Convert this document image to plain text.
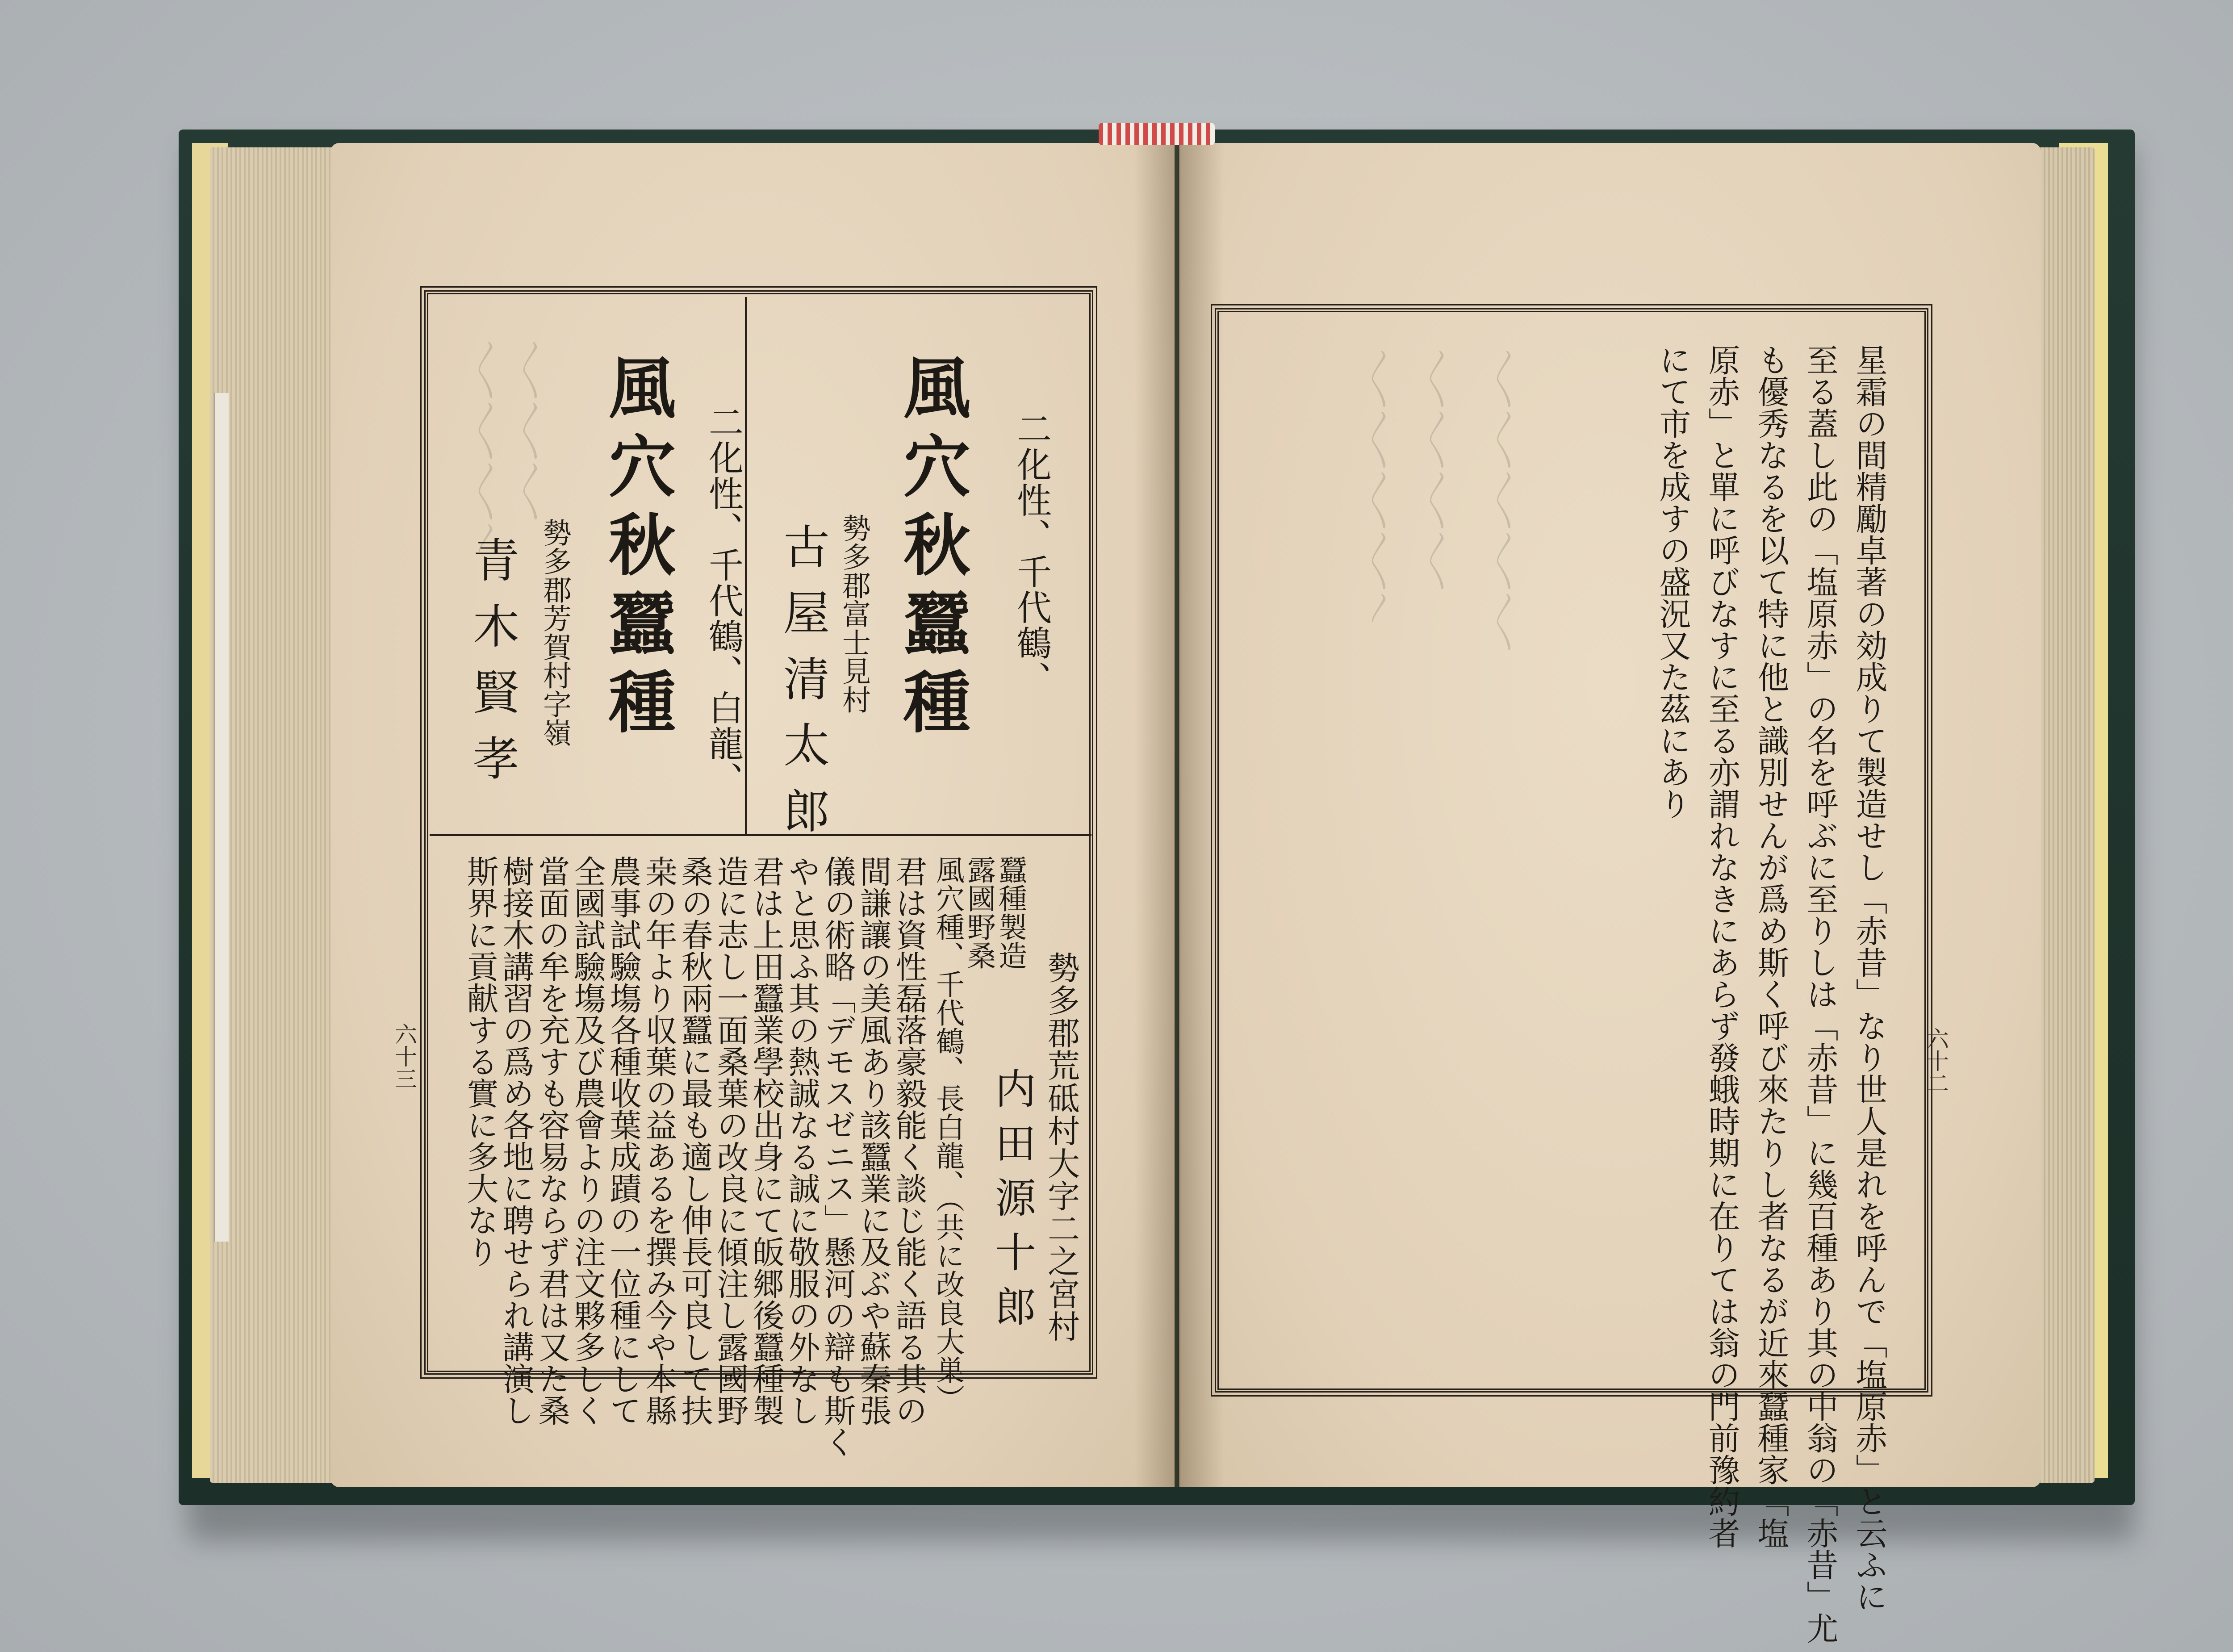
〳〵〳〵〳〵〳 〳〵〳〵〳〵	〳〵〳〵〳〵〳〵〳 〳〵〳〵〳〵〳〵 〳〵〳〵〳〵〳〵〳〵
風穴秋蠶種 二化性、千代鶴、
勢多郡富士見村
古屋清太郎
風穴秋蠶種 二化性、千代鶴、白龍、
勢多郡芳賀村字嶺
青木賢孝
勢多郡荒砥村大字二之宮村
内田源十郎
蠶種製造
露國野桑
風穴種、千代鶴、長白龍、（共に改良大巣）
君は資性磊落豪毅能く談じ能く語る其の
間謙讓の美風あり該蠶業に及ぶや蘇秦張
儀の術略「デモスゼニス」懸河の辯も斯く
やと思ふ其の熱誠なる誠に敬服の外なし
君は上田蠶業學校出身にて皈郷後蠶種製
造に志し一面桑葉の改良に傾注し露國野
桑の春秋兩蠶に最も適し伸長可良して扶
桒の年より収葉の益あるを撰み今や本縣
農事試驗塲各種收葉成蹟の一位種にして
全國試驗塲及び農會よりの注文夥多しく
當面の牟を充すも容易ならず君は又た桑
樹接木講習の爲め各地に聘せられ講演し
斯界に貢献する實に多大なり
六十三	星霜の間精勵卓著の効成りて製造せし「赤昔」なり世人是れを呼んで「塩原赤」と云ふに
至る蓋し此の「塩原赤」の名を呼ぶに至りしは「赤昔」に幾百種あり其の中翁の「赤昔」尤
も優秀なるを以て特に他と識別せんが爲め斯く呼び來たりし者なるが近來蠶種家「塩
原赤」と單に呼びなすに至る亦謂れなきにあらず發蛾時期に在りては翁の門前豫約者
にて市を成すの盛況又た茲にあり
六十二
